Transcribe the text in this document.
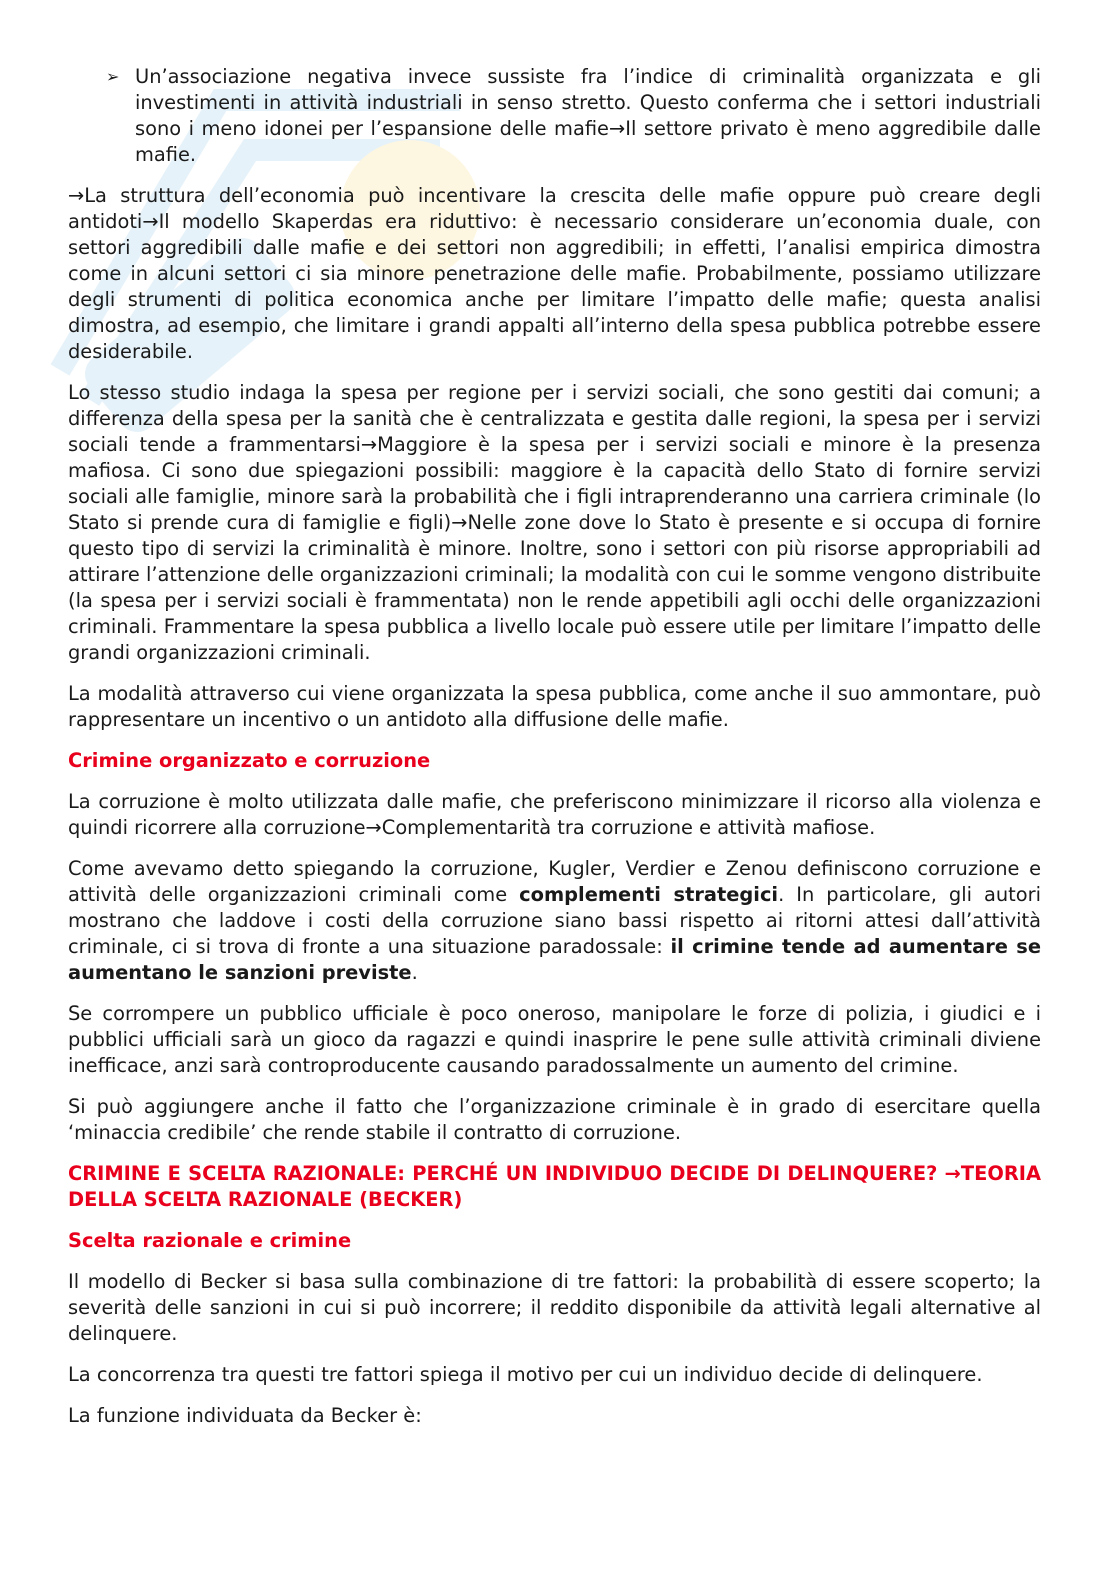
➢ Un’associazione negativa invece sussiste fra l’indice di criminalità organizzata e gli investimenti in attività industriali in senso stretto. Questo conferma che i settori industriali sono i meno idonei per l’espansione delle mafie→Il settore privato è meno aggredibile dalle mafie.

→La struttura dell’economia può incentivare la crescita delle mafie oppure può creare degli antidoti→Il modello Skaperdas era riduttivo: è necessario considerare un’economia duale, con settori aggredibili dalle mafie e dei settori non aggredibili; in effetti, l’analisi empirica dimostra come in alcuni settori ci sia minore penetrazione delle mafie. Probabilmente, possiamo utilizzare degli strumenti di politica economica anche per limitare l’impatto delle mafie; questa analisi dimostra, ad esempio, che limitare i grandi appalti all’interno della spesa pubblica potrebbe essere desiderabile.

Lo stesso studio indaga la spesa per regione per i servizi sociali, che sono gestiti dai comuni; a differenza della spesa per la sanità che è centralizzata e gestita dalle regioni, la spesa per i servizi sociali tende a frammentarsi→Maggiore è la spesa per i servizi sociali e minore è la presenza mafiosa. Ci sono due spiegazioni possibili: maggiore è la capacità dello Stato di fornire servizi sociali alle famiglie, minore sarà la probabilità che i figli intraprenderanno una carriera criminale (lo Stato si prende cura di famiglie e figli)→Nelle zone dove lo Stato è presente e si occupa di fornire questo tipo di servizi la criminalità è minore. Inoltre, sono i settori con più risorse appropriabili ad attirare l’attenzione delle organizzazioni criminali; la modalità con cui le somme vengono distribuite (la spesa per i servizi sociali è frammentata) non le rende appetibili agli occhi delle organizzazioni criminali. Frammentare la spesa pubblica a livello locale può essere utile per limitare l’impatto delle grandi organizzazioni criminali.

La modalità attraverso cui viene organizzata la spesa pubblica, come anche il suo ammontare, può rappresentare un incentivo o un antidoto alla diffusione delle mafie.

Crimine organizzato e corruzione

La corruzione è molto utilizzata dalle mafie, che preferiscono minimizzare il ricorso alla violenza e quindi ricorrere alla corruzione→Complementarità tra corruzione e attività mafiose.

Come avevamo detto spiegando la corruzione, Kugler, Verdier e Zenou definiscono corruzione e attività delle organizzazioni criminali come complementi strategici. In particolare, gli autori mostrano che laddove i costi della corruzione siano bassi rispetto ai ritorni attesi dall’attività criminale, ci si trova di fronte a una situazione paradossale: il crimine tende ad aumentare se aumentano le sanzioni previste.

Se corrompere un pubblico ufficiale è poco oneroso, manipolare le forze di polizia, i giudici e i pubblici ufficiali sarà un gioco da ragazzi e quindi inasprire le pene sulle attività criminali diviene inefficace, anzi sarà controproducente causando paradossalmente un aumento del crimine.

Si può aggiungere anche il fatto che l’organizzazione criminale è in grado di esercitare quella ‘minaccia credibile’ che rende stabile il contratto di corruzione.

CRIMINE E SCELTA RAZIONALE: PERCHÉ UN INDIVIDUO DECIDE DI DELINQUERE? →TEORIA DELLA SCELTA RAZIONALE (BECKER)

Scelta razionale e crimine

Il modello di Becker si basa sulla combinazione di tre fattori: la probabilità di essere scoperto; la severità delle sanzioni in cui si può incorrere; il reddito disponibile da attività legali alternative al delinquere.

La concorrenza tra questi tre fattori spiega il motivo per cui un individuo decide di delinquere.

La funzione individuata da Becker è:
